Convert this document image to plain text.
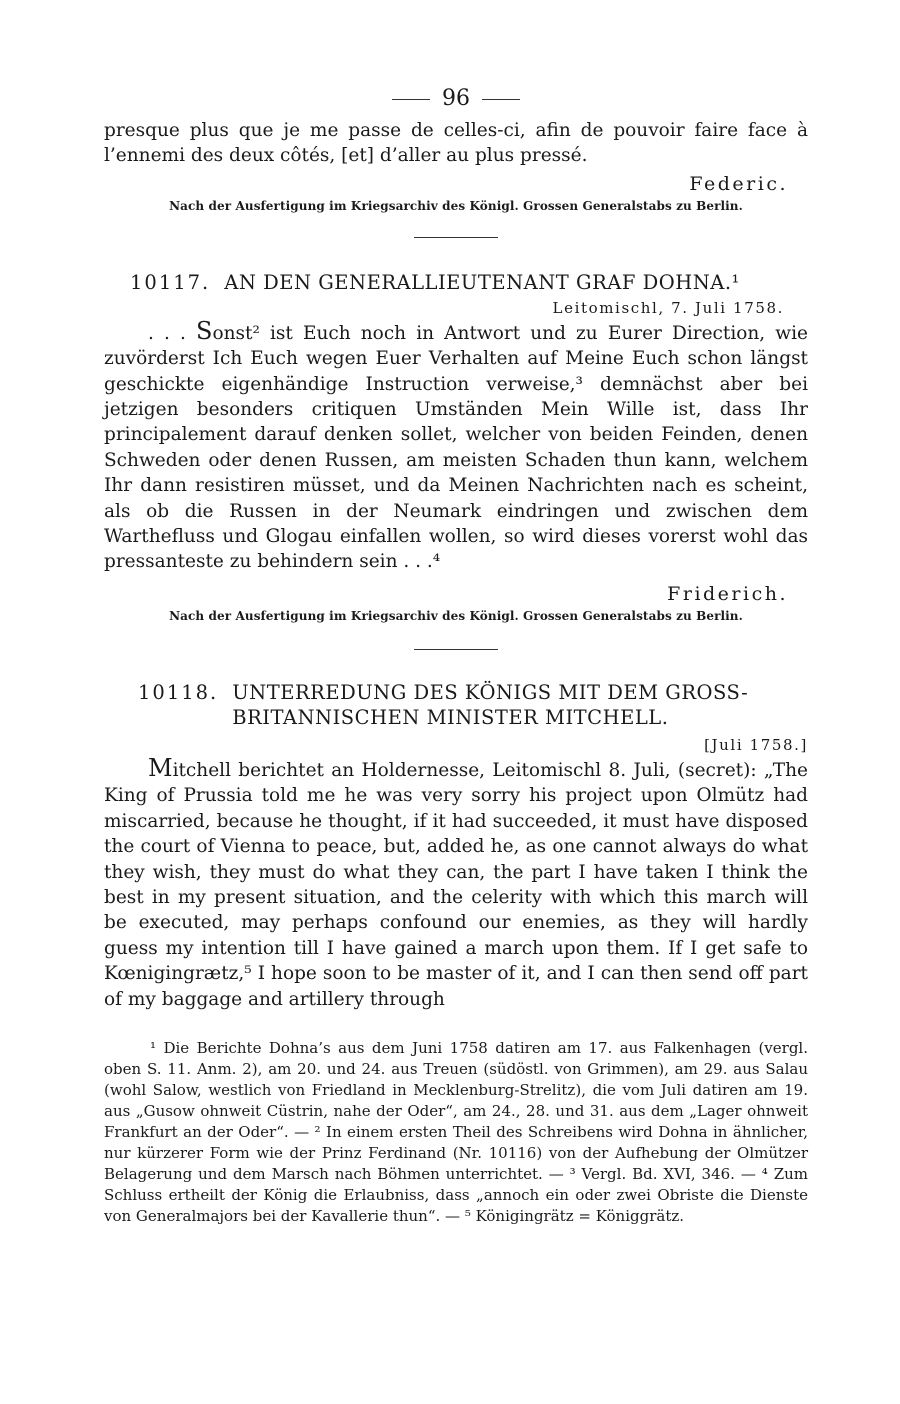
96

presque plus que je me passe de celles-ci, afin de pouvoir faire face à l’ennemi des deux côtés, [et] d’aller au plus pressé.

Federic.
Nach der Ausfertigung im Kriegsarchiv des Königl. Grossen Generalstabs zu Berlin.
10117. AN DEN GENERALLIEUTENANT GRAF DOHNA.¹
Leitomischl, 7. Juli 1758.

. . . Sonst² ist Euch noch in Antwort und zu Eurer Direction, wie zuvörderst Ich Euch wegen Euer Verhalten auf Meine Euch schon längst geschickte eigenhändige Instruction verweise,³ demnächst aber bei jetzigen besonders critiquen Umständen Mein Wille ist, dass Ihr principalement darauf denken sollet, welcher von beiden Feinden, denen Schweden oder denen Russen, am meisten Schaden thun kann, welchem Ihr dann resistiren müsset, und da Meinen Nachrichten nach es scheint, als ob die Russen in der Neumark eindringen und zwischen dem Warthefluss und Glogau einfallen wollen, so wird dieses vorerst wohl das pressanteste zu behindern sein . . .⁴

Friderich.
Nach der Ausfertigung im Kriegsarchiv des Königl. Grossen Generalstabs zu Berlin.
10118. UNTERREDUNG DES KÖNIGS MIT DEM GROSS-BRITANNISCHEN MINISTER MITCHELL.
[Juli 1758.]

Mitchell berichtet an Holdernesse, Leitomischl 8. Juli, (secret): „The King of Prussia told me he was very sorry his project upon Olmütz had miscarried, because he thought, if it had succeeded, it must have disposed the court of Vienna to peace, but, added he, as one cannot always do what they wish, they must do what they can, the part I have taken I think the best in my present situation, and the celerity with which this march will be executed, may perhaps confound our enemies, as they will hardly guess my intention till I have gained a march upon them. If I get safe to Kœnigingrætz,⁵ I hope soon to be master of it, and I can then send off part of my baggage and artillery through

¹ Die Berichte Dohna’s aus dem Juni 1758 datiren am 17. aus Falkenhagen (vergl. oben S. 11. Anm. 2), am 20. und 24. aus Treuen (südöstl. von Grimmen), am 29. aus Salau (wohl Salow, westlich von Friedland in Mecklenburg-Strelitz), die vom Juli datiren am 19. aus „Gusow ohnweit Cüstrin, nahe der Oder“, am 24., 28. und 31. aus dem „Lager ohnweit Frankfurt an der Oder“. — ² In einem ersten Theil des Schreibens wird Dohna in ähnlicher, nur kürzerer Form wie der Prinz Ferdinand (Nr. 10116) von der Aufhebung der Olmützer Belagerung und dem Marsch nach Böhmen unterrichtet. — ³ Vergl. Bd. XVI, 346. — ⁴ Zum Schluss ertheilt der König die Erlaubniss, dass „annoch ein oder zwei Obriste die Dienste von Generalmajors bei der Kavallerie thun“. — ⁵ Königingrätz = Königgrätz.
